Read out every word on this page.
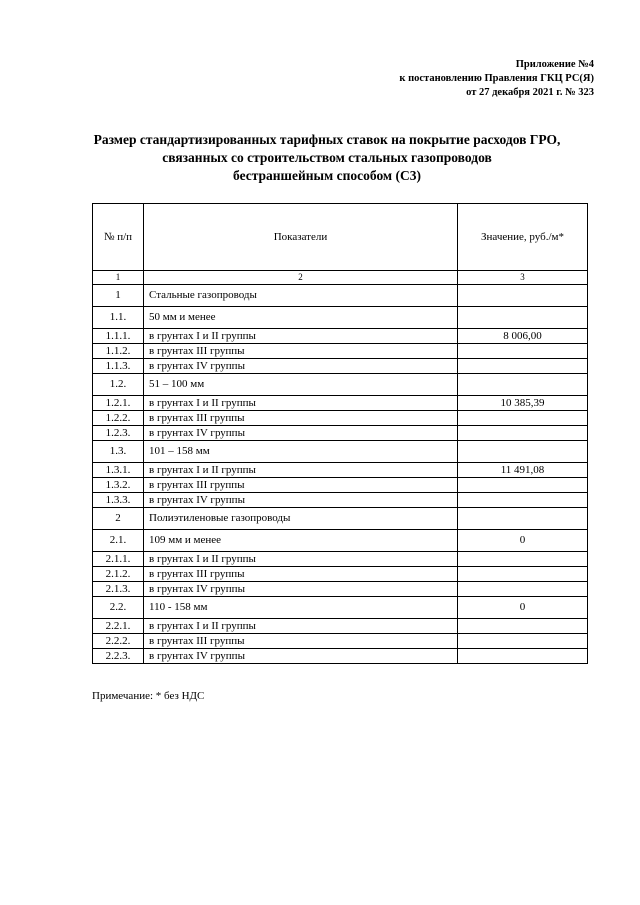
Приложение №4
к постановлению Правления ГКЦ РС(Я)
от 27 декабря 2021 г. № 323
Размер стандартизированных тарифных ставок на покрытие расходов ГРО,
связанных со строительством стальных газопроводов
бестраншейным способом (С3)
№ п/п	Показатели	Значение, руб./м*
1	2	3
1	Стальные газопроводы	
1.1.	50 мм и менее	
1.1.1.	в грунтах I и II группы	8 006,00
1.1.2.	в грунтах III группы	
1.1.3.	в грунтах IV группы	
1.2.	51 – 100 мм	
1.2.1.	в грунтах I и II группы	10 385,39
1.2.2.	в грунтах III группы	
1.2.3.	в грунтах IV группы	
1.3.	101 – 158 мм	
1.3.1.	в грунтах I и II группы	11 491,08
1.3.2.	в грунтах III группы	
1.3.3.	в грунтах IV группы	
2	Полиэтиленовые газопроводы	
2.1.	109 мм и менее	0
2.1.1.	в грунтах I и II группы	
2.1.2.	в грунтах III группы	
2.1.3.	в грунтах IV группы	
2.2.	110 - 158 мм	0
2.2.1.	в грунтах I и II группы	
2.2.2.	в грунтах III группы	
2.2.3.	в грунтах IV группы	
Примечание: * без НДС
